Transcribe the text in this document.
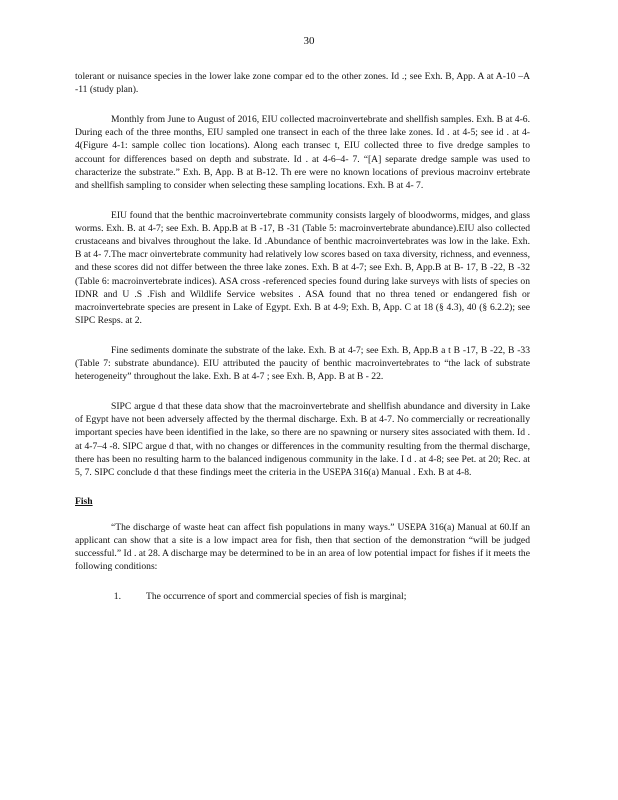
30

tolerant or nuisance species in the lower lake zone compar ed to the other zones. Id .; see Exh. B, App. A at A-10 –A -11 (study plan).

Monthly from June to August of 2016, EIU collected macroinvertebrate and shellfish samples. Exh. B at 4-6. During each of the three months, EIU sampled one transect in each of the three lake zones. Id . at 4-5; see id . at 4-4(Figure 4-1: sample collec tion locations). Along each transec t, EIU collected three to five dredge samples to account for differences based on depth and substrate. Id . at 4-6–4- 7. “[A] separate dredge sample was used to characterize the substrate.” Exh. B, App. B at B-12. Th ere were no known locations of previous macroinv ertebrate and shellfish sampling to consider when selecting these sampling locations. Exh. B at 4- 7.

EIU found that the benthic macroinvertebrate community consists largely of bloodworms, midges, and glass worms. Exh. B. at 4-7; see Exh. B. App.B at B -17, B -31 (Table 5: macroinvertebrate abundance).EIU also collected crustaceans and bivalves throughout the lake. Id .Abundance of benthic macroinvertebrates was low in the lake. Exh. B at 4- 7.The macr oinvertebrate community had relatively low scores based on taxa diversity, richness, and evenness, and these scores did not differ between the three lake zones. Exh. B at 4-7; see Exh. B, App.B at B- 17, B -22, B -32 (Table 6: macroinvertebrate indices). ASA cross -referenced species found during lake surveys with lists of species on IDNR and U .S .Fish and Wildlife Service websites . ASA found that no threa tened or endangered fish or macroinvertebrate species are present in Lake of Egypt. Exh. B at 4-9; Exh. B, App. C at 18 (§ 4.3), 40 (§ 6.2.2); see SIPC Resps. at 2.

Fine sediments dominate the substrate of the lake. Exh. B at 4-7; see Exh. B, App.B a t B -17, B -22, B -33 (Table 7: substrate abundance). EIU attributed the paucity of benthic macroinvertebrates to “the lack of substrate heterogeneity” throughout the lake. Exh. B at 4-7 ; see Exh. B, App. B at B - 22.

SIPC argue d that these data show that the macroinvertebrate and shellfish abundance and diversity in Lake of Egypt have not been adversely affected by the thermal discharge. Exh. B at 4-7. No commercially or recreationally important species have been identified in the lake, so there are no spawning or nursery sites associated with them. Id . at 4-7–4 -8. SIPC argue d that, with no changes or differences in the community resulting from the thermal discharge, there has been no resulting harm to the balanced indigenous community in the lake. I d . at 4-8; see Pet. at 20; Rec. at 5, 7. SIPC conclude d that these findings meet the criteria in the USEPA 316(a) Manual . Exh. B at 4-8.

Fish

“The discharge of waste heat can affect fish populations in many ways.” USEPA 316(a) Manual at 60.If an applicant can show that a site is a low impact area for fish, then that section of the demonstration “will be judged successful.” Id . at 28. A discharge may be determined to be in an area of low potential impact for fishes if it meets the following conditions:

1.	The occurrence of sport and commercial species of fish is marginal;
